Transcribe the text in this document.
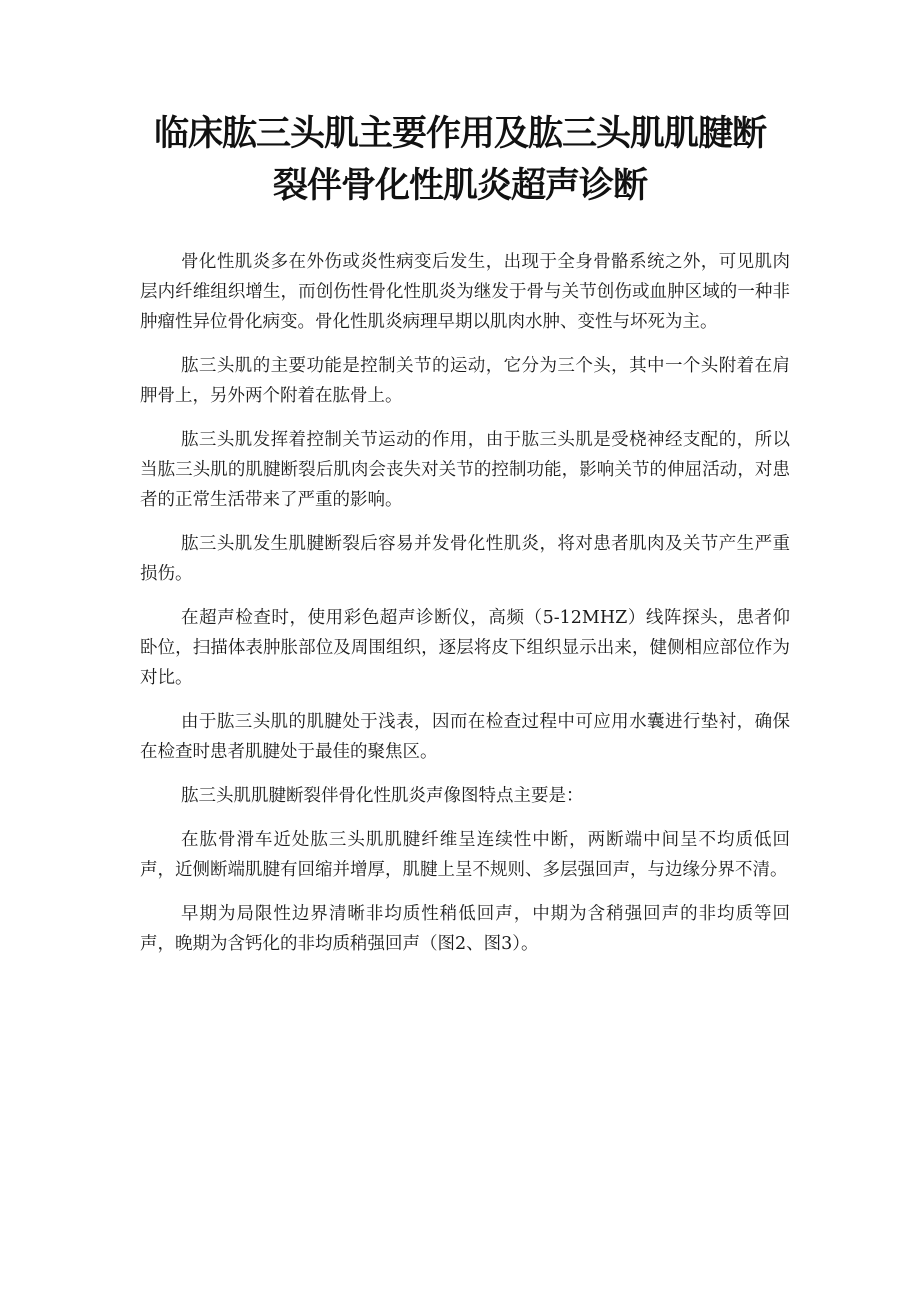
临床肱三头肌主要作用及肱三头肌肌腱断
裂伴骨化性肌炎超声诊断

骨化性肌炎多在外伤或炎性病变后发生，出现于全身骨骼系统之外，可见肌肉层内纤维组织增生，而创伤性骨化性肌炎为继发于骨与关节创伤或血肿区域的一种非肿瘤性异位骨化病变。骨化性肌炎病理早期以肌肉水肿、变性与坏死为主。

肱三头肌的主要功能是控制关节的运动，它分为三个头，其中一个头附着在肩胛骨上，另外两个附着在肱骨上。

肱三头肌发挥着控制关节运动的作用，由于肱三头肌是受桡神经支配的，所以当肱三头肌的肌腱断裂后肌肉会丧失对关节的控制功能，影响关节的伸屈活动，对患者的正常生活带来了严重的影响。

肱三头肌发生肌腱断裂后容易并发骨化性肌炎，将对患者肌肉及关节产生严重损伤。

在超声检查时，使用彩色超声诊断仪，高频（5-12MHZ）线阵探头，患者仰卧位，扫描体表肿胀部位及周围组织，逐层将皮下组织显示出来，健侧相应部位作为对比。

由于肱三头肌的肌腱处于浅表，因而在检查过程中可应用水囊进行垫衬，确保在检查时患者肌腱处于最佳的聚焦区。

肱三头肌肌腱断裂伴骨化性肌炎声像图特点主要是：

在肱骨滑车近处肱三头肌肌腱纤维呈连续性中断，两断端中间呈不均质低回声，近侧断端肌腱有回缩并增厚，肌腱上呈不规则、多层强回声，与边缘分界不清。

早期为局限性边界清晰非均质性稍低回声，中期为含稍强回声的非均质等回声，晚期为含钙化的非均质稍强回声（图2、图3）。
